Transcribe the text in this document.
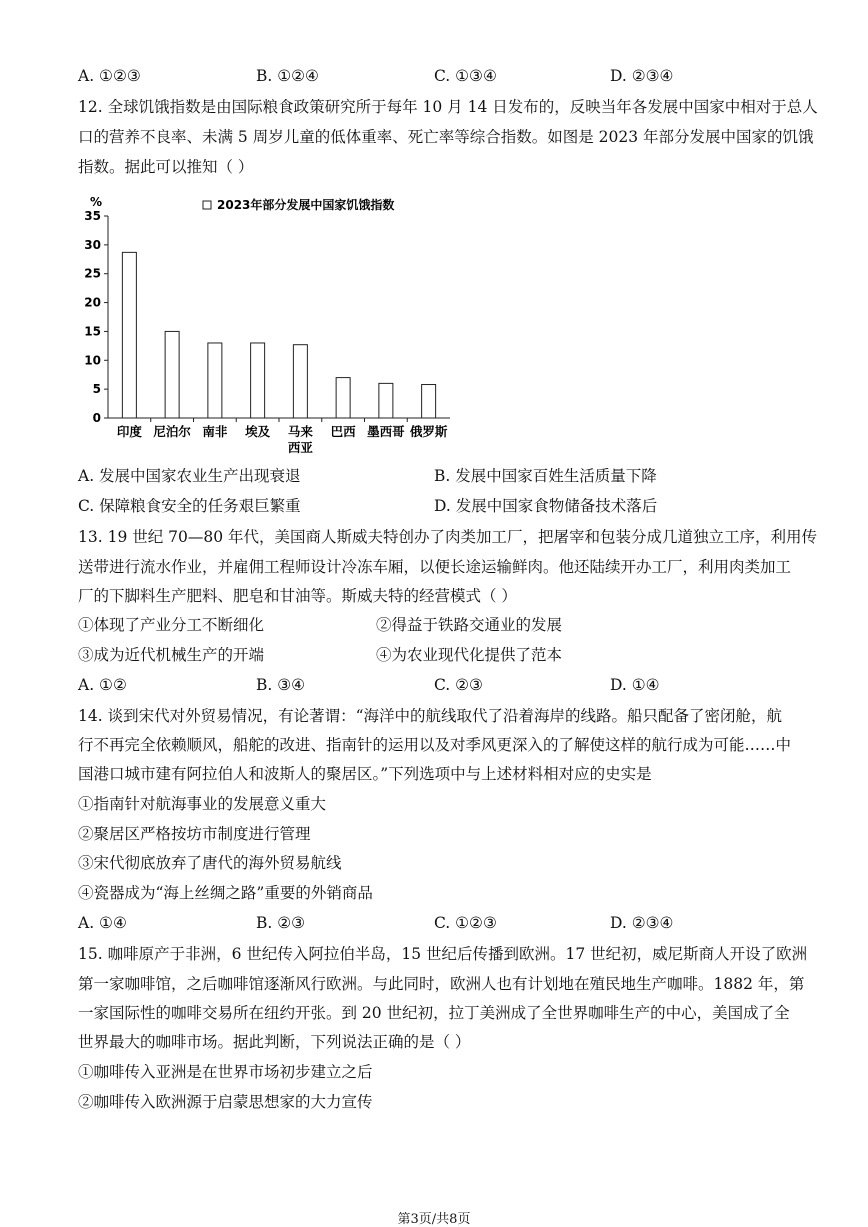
A. ①②③	B. ①②④	C. ①③④	D. ②③④
12. 全球饥饿指数是由国际粮食政策研究所于每年 10 月 14 日发布的，反映当年各发展中国家中相对于总人
口的营养不良率、未满 5 周岁儿童的低体重率、死亡率等综合指数。如图是 2023 年部分发展中国家的饥饿
指数。据此可以推知（ ）
%	2023年部分发展中国家饥饿指数
0
5
10
15
20
25
30
35
印度 尼泊尔 南非 埃及 马来西亚
巴西 墨西哥 俄罗斯
A. 发展中国家农业生产出现衰退	B. 发展中国家百姓生活质量下降
C. 保障粮食安全的任务艰巨繁重	D. 发展中国家食物储备技术落后
13. 19 世纪 70—80 年代，美国商人斯威夫特创办了肉类加工厂，把屠宰和包装分成几道独立工序，利用传
送带进行流水作业，并雇佣工程师设计冷冻车厢，以便长途运输鲜肉。他还陆续开办工厂，利用肉类加工
厂的下脚料生产肥料、肥皂和甘油等。斯威夫特的经营模式（ ）
①体现了产业分工不断细化	②得益于铁路交通业的发展
③成为近代机械生产的开端	④为农业现代化提供了范本
A. ①②	B. ③④	C. ②③	D. ①④
14. 谈到宋代对外贸易情况，有论著谓：“海洋中的航线取代了沿着海岸的线路。船只配备了密闭舱，航
行不再完全依赖顺风，船舵的改进、指南针的运用以及对季风更深入的了解使这样的航行成为可能……中
国港口城市建有阿拉伯人和波斯人的聚居区。”下列选项中与上述材料相对应的史实是
①指南针对航海事业的发展意义重大
②聚居区严格按坊市制度进行管理
③宋代彻底放弃了唐代的海外贸易航线
④瓷器成为“海上丝绸之路”重要的外销商品
A. ①④	B. ②③	C. ①②③	D. ②③④
15. 咖啡原产于非洲，6 世纪传入阿拉伯半岛，15 世纪后传播到欧洲。17 世纪初，威尼斯商人开设了欧洲
第一家咖啡馆，之后咖啡馆逐渐风行欧洲。与此同时，欧洲人也有计划地在殖民地生产咖啡。1882 年，第
一家国际性的咖啡交易所在纽约开张。到 20 世纪初，拉丁美洲成了全世界咖啡生产的中心，美国成了全
世界最大的咖啡市场。据此判断，下列说法正确的是（ ）
①咖啡传入亚洲是在世界市场初步建立之后
②咖啡传入欧洲源于启蒙思想家的大力宣传
第3页/共8页
